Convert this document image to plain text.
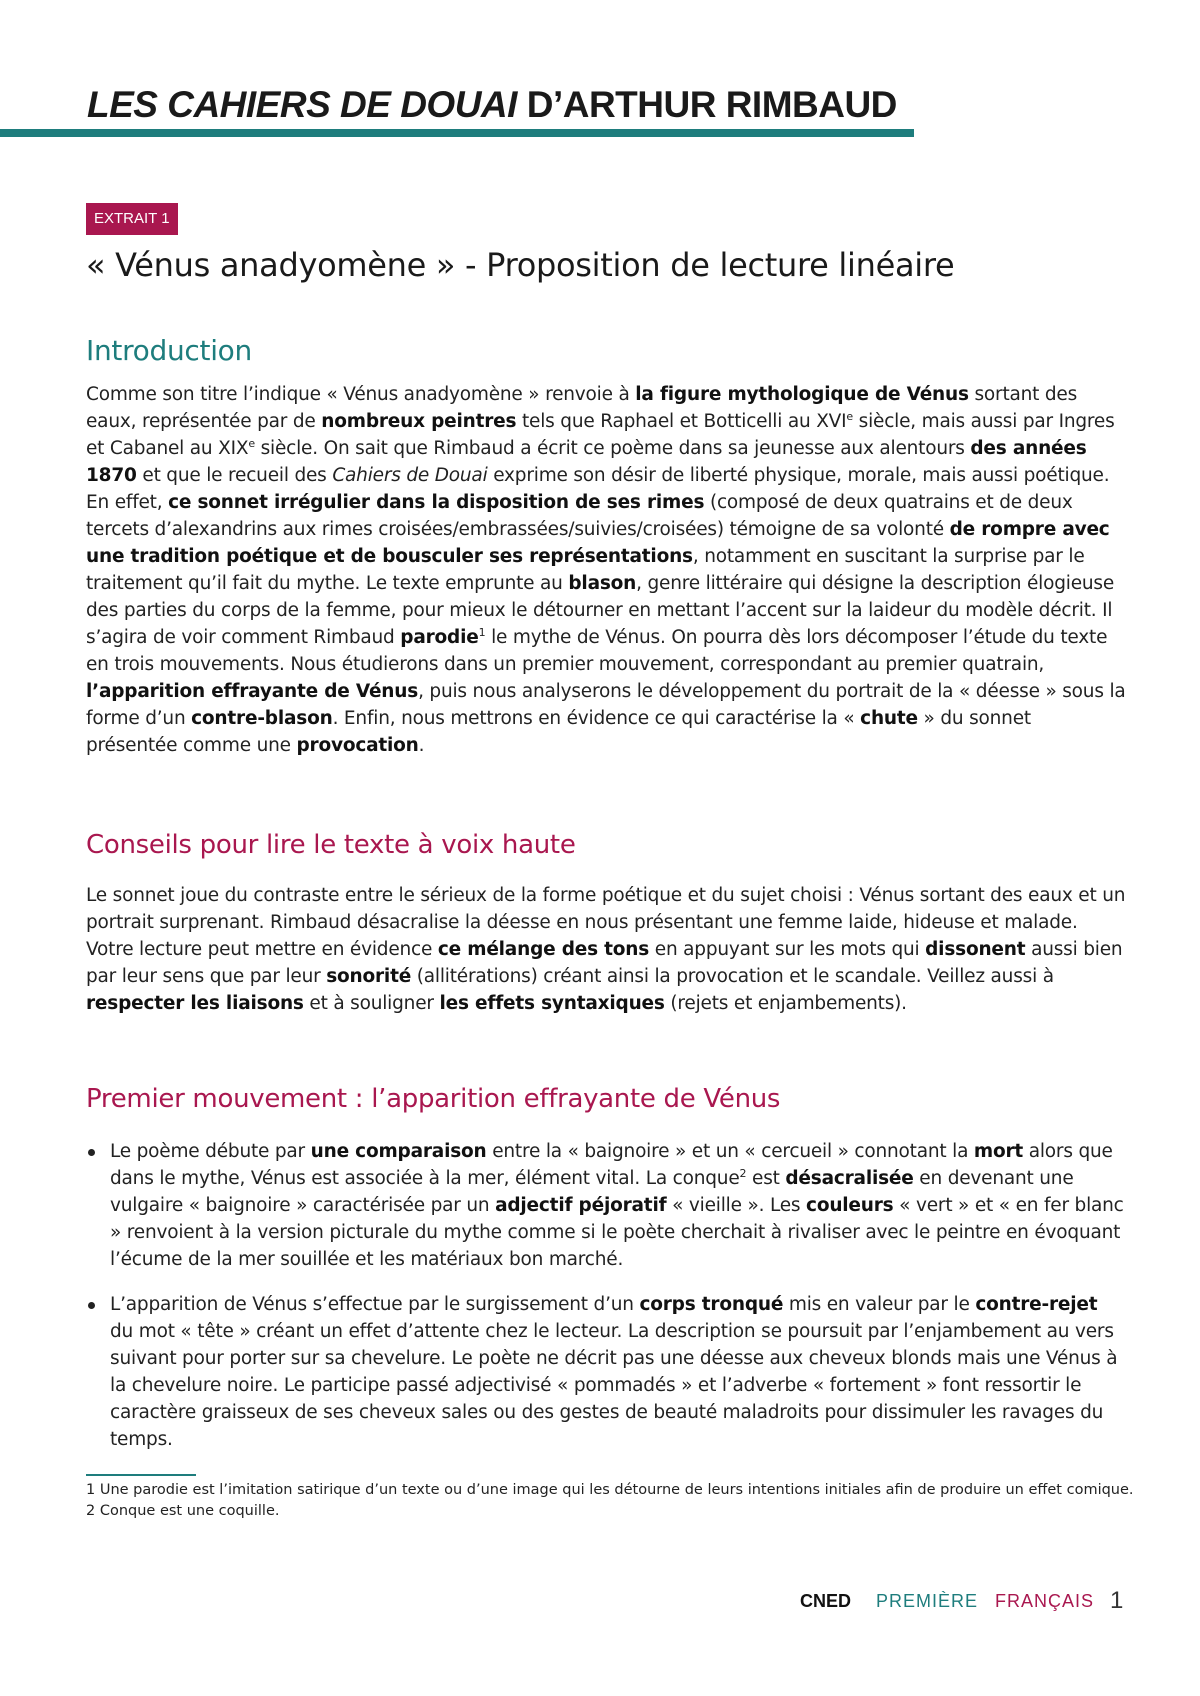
LES CAHIERS DE DOUAI D’ARTHUR RIMBAUD
EXTRAIT 1
« Vénus anadyomène » - Proposition de lecture linéaire
Introduction

Comme son titre l’indique « Vénus anadyomène » renvoie à la figure mythologique de Vénus sortant des eaux, représentée par de nombreux peintres tels que Raphael et Botticelli au XVIe siècle, mais aussi par Ingres et Cabanel au XIXe siècle. On sait que Rimbaud a écrit ce poème dans sa jeunesse aux alentours des années 1870 et que le recueil des Cahiers de Douai exprime son désir de liberté physique, morale, mais aussi poétique. En effet, ce sonnet irrégulier dans la disposition de ses rimes (composé de deux quatrains et de deux tercets d’alexandrins aux rimes croisées/embrassées/suivies/croisées) témoigne de sa volonté de rompre avec une tradition poétique et de bousculer ses représentations, notamment en suscitant la surprise par le traitement qu’il fait du mythe. Le texte emprunte au blason, genre littéraire qui désigne la description élogieuse des parties du corps de la femme, pour mieux le détourner en mettant l’accent sur la laideur du modèle décrit. Il s’agira de voir comment Rimbaud parodie$^1$ le mythe de Vénus. On pourra dès lors décomposer l’étude du texte en trois mouvements. Nous étudierons dans un premier mouvement, correspondant au premier quatrain, l’apparition effrayante de Vénus, puis nous analyserons le développement du portrait de la « déesse » sous la forme d’un contre-blason. Enfin, nous mettrons en évidence ce qui caractérise la « chute » du sonnet présentée comme une provocation.

Conseils pour lire le texte à voix haute

Le sonnet joue du contraste entre le sérieux de la forme poétique et du sujet choisi : Vénus sortant des eaux et un portrait surprenant. Rimbaud désacralise la déesse en nous présentant une femme laide, hideuse et malade. Votre lecture peut mettre en évidence ce mélange des tons en appuyant sur les mots qui dissonent aussi bien par leur sens que par leur sonorité (allitérations) créant ainsi la provocation et le scandale. Veillez aussi à respecter les liaisons et à souligner les effets syntaxiques (rejets et enjambements).

Premier mouvement : l’apparition effrayante de Vénus
Le poème débute par une comparaison entre la « baignoire » et un « cercueil » connotant la mort alors que dans le mythe, Vénus est associée à la mer, élément vital. La conque$^2$ est désacralisée en devenant une vulgaire « baignoire » caractérisée par un adjectif péjoratif « vieille ». Les couleurs « vert » et « en fer blanc » renvoient à la version picturale du mythe comme si le poète cherchait à rivaliser avec le peintre en évoquant l’écume de la mer souillée et les matériaux bon marché.
L’apparition de Vénus s’effectue par le surgissement d’un corps tronqué mis en valeur par le contre-rejet du mot « tête » créant un effet d’attente chez le lecteur. La description se poursuit par l’enjambement au vers suivant pour porter sur sa chevelure. Le poète ne décrit pas une déesse aux cheveux blonds mais une Vénus à la chevelure noire. Le participe passé adjectivisé « pommadés » et l’adverbe « fortement » font ressortir le caractère graisseux de ses cheveux sales ou des gestes de beauté maladroits pour dissimuler les ravages du temps.
1 Une parodie est l’imitation satirique d’un texte ou d’une image qui les détourne de leurs intentions initiales afin de produire un effet comique.
2 Conque est une coquille.
CNED PREMIÈRE FRANÇAIS 1
